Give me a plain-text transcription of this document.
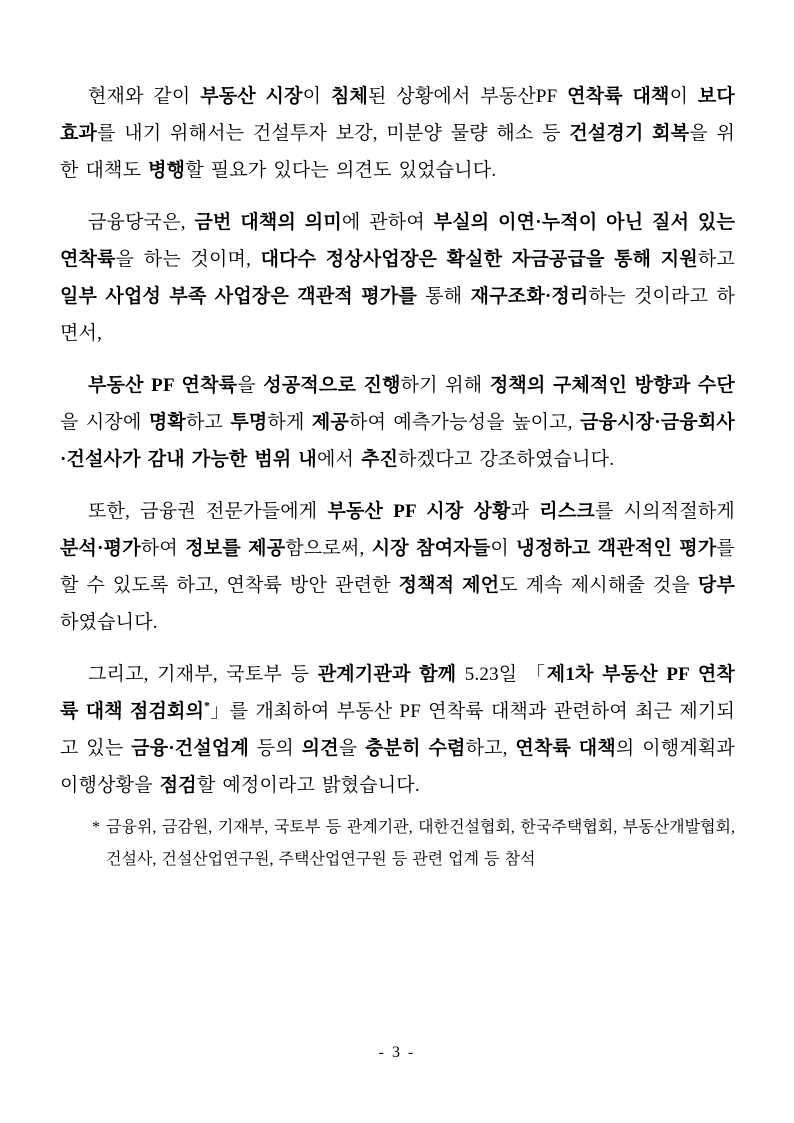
현재와 같이 부동산 시장이 침체된 상황에서 부동산PF 연착륙 대책이 보다 효과를 내기 위해서는 건설투자 보강, 미분양 물량 해소 등 건설경기 회복을 위한 대책도 병행할 필요가 있다는 의견도 있었습니다.

금융당국은, 금번 대책의 의미에 관하여 부실의 이연·누적이 아닌 질서 있는 연착륙을 하는 것이며, 대다수 정상사업장은 확실한 자금공급을 통해 지원하고 일부 사업성 부족 사업장은 객관적 평가를 통해 재구조화·정리하는 것이라고 하면서,

부동산 PF 연착륙을 성공적으로 진행하기 위해 정책의 구체적인 방향과 수단을 시장에 명확하고 투명하게 제공하여 예측가능성을 높이고, 금융시장·금융회사·건설사가 감내 가능한 범위 내에서 추진하겠다고 강조하였습니다.

또한, 금융권 전문가들에게 부동산 PF 시장 상황과 리스크를 시의적절하게 분석·평가하여 정보를 제공함으로써, 시장 참여자들이 냉정하고 객관적인 평가를 할 수 있도록 하고, 연착륙 방안 관련한 정책적 제언도 계속 제시해줄 것을 당부하였습니다.

그리고, 기재부, 국토부 등 관계기관과 함께 5.23일 「제1차 부동산 PF 연착륙 대책 점검회의*」를 개최하여 부동산 PF 연착륙 대책과 관련하여 최근 제기되고 있는 금융·건설업계 등의 의견을 충분히 수렴하고, 연착륙 대책의 이행계획과 이행상황을 점검할 예정이라고 밝혔습니다.

* 금융위, 금감원, 기재부, 국토부 등 관계기관, 대한건설협회, 한국주택협회, 부동산개발협회, 건설사, 건설산업연구원, 주택산업연구원 등 관련 업계 등 참석
- 3 -
